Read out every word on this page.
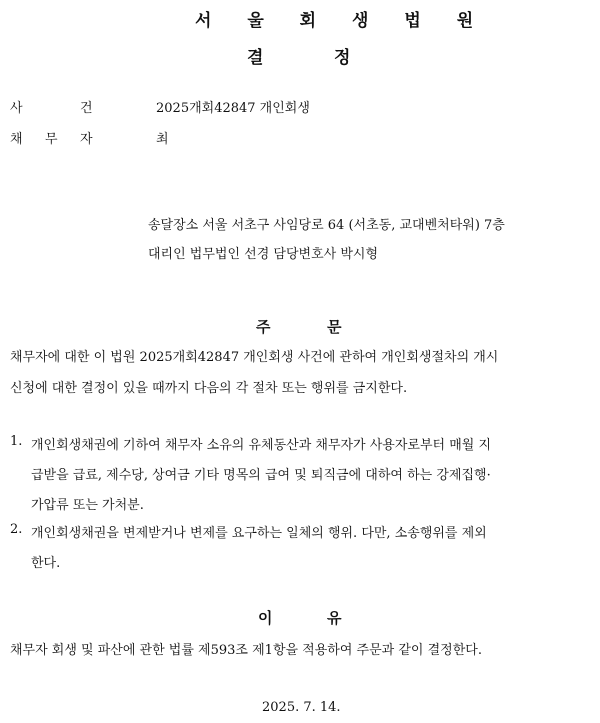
서 울 회 생 법 원
결	정
사	건	2025개회42847 개인회생
채 무 자	최
송달장소 서울 서초구 사임당로 64 (서초동, 교대벤처타워) 7층
대리인 법무법인 선경 담당변호사 박시형
주	문
채무자에 대한 이 법원 2025개회42847 개인회생 사건에 관하여 개인회생절차의 개시
신청에 대한 결정이 있을 때까지 다음의 각 절차 또는 행위를 금지한다.
1. 개인회생채권에 기하여 채무자 소유의 유체동산과 채무자가 사용자로부터 매월 지
급받을 급료, 제수당, 상여금 기타 명목의 급여 및 퇴직금에 대하여 하는 강제집행·
가압류 또는 가처분.
2. 개인회생채권을 변제받거나 변제를 요구하는 일체의 행위. 다만, 소송행위를 제외
한다.
이	유
채무자 회생 및 파산에 관한 법률 제593조 제1항을 적용하여 주문과 같이 결정한다.
2025. 7. 14.
